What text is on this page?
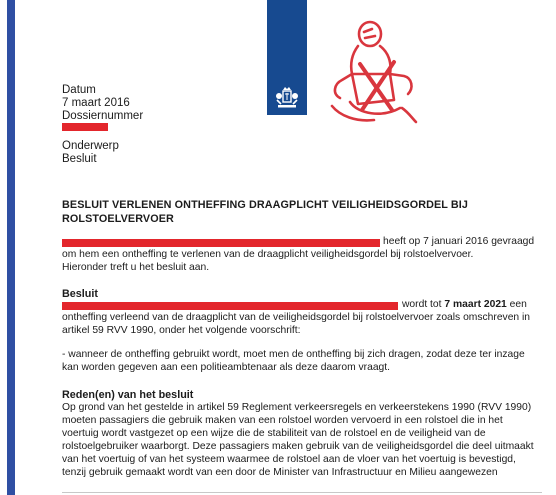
Datum
7 maart 2016
Dossiernummer
Onderwerp
Besluit
BESLUIT VERLENEN ONTHEFFING DRAAGPLICHT VEILIGHEIDSGORDEL BIJ ROLSTOELVERVOER
heeft op 7 januari 2016 gevraagd
om hem een ontheffing te verlenen van de draagplicht veiligheidsgordel bij rolstoelvervoer.
Hieronder treft u het besluit aan.
Besluit
wordt tot 7 maart 2021 een
ontheffing verleend van de draagplicht van de veiligheidsgordel bij rolstoelvervoer zoals omschreven in
artikel 59 RVV 1990, onder het volgende voorschrift:
- wanneer de ontheffing gebruikt wordt, moet men de ontheffing bij zich dragen, zodat deze ter inzage
kan worden gegeven aan een politieambtenaar als deze daarom vraagt.
Reden(en) van het besluit
Op grond van het gestelde in artikel 59 Reglement verkeersregels en verkeerstekens 1990 (RVV 1990)
moeten passagiers die gebruik maken van een rolstoel worden vervoerd in een rolstoel die in het
voertuig wordt vastgezet op een wijze die de stabiliteit van de rolstoel en de veiligheid van de
rolstoelgebruiker waarborgt. Deze passagiers maken gebruik van de veiligheidsgordel die deel uitmaakt
van het voertuig of van het systeem waarmee de rolstoel aan de vloer van het voertuig is bevestigd,
tenzij gebruik gemaakt wordt van een door de Minister van Infrastructuur en Milieu aangewezen
